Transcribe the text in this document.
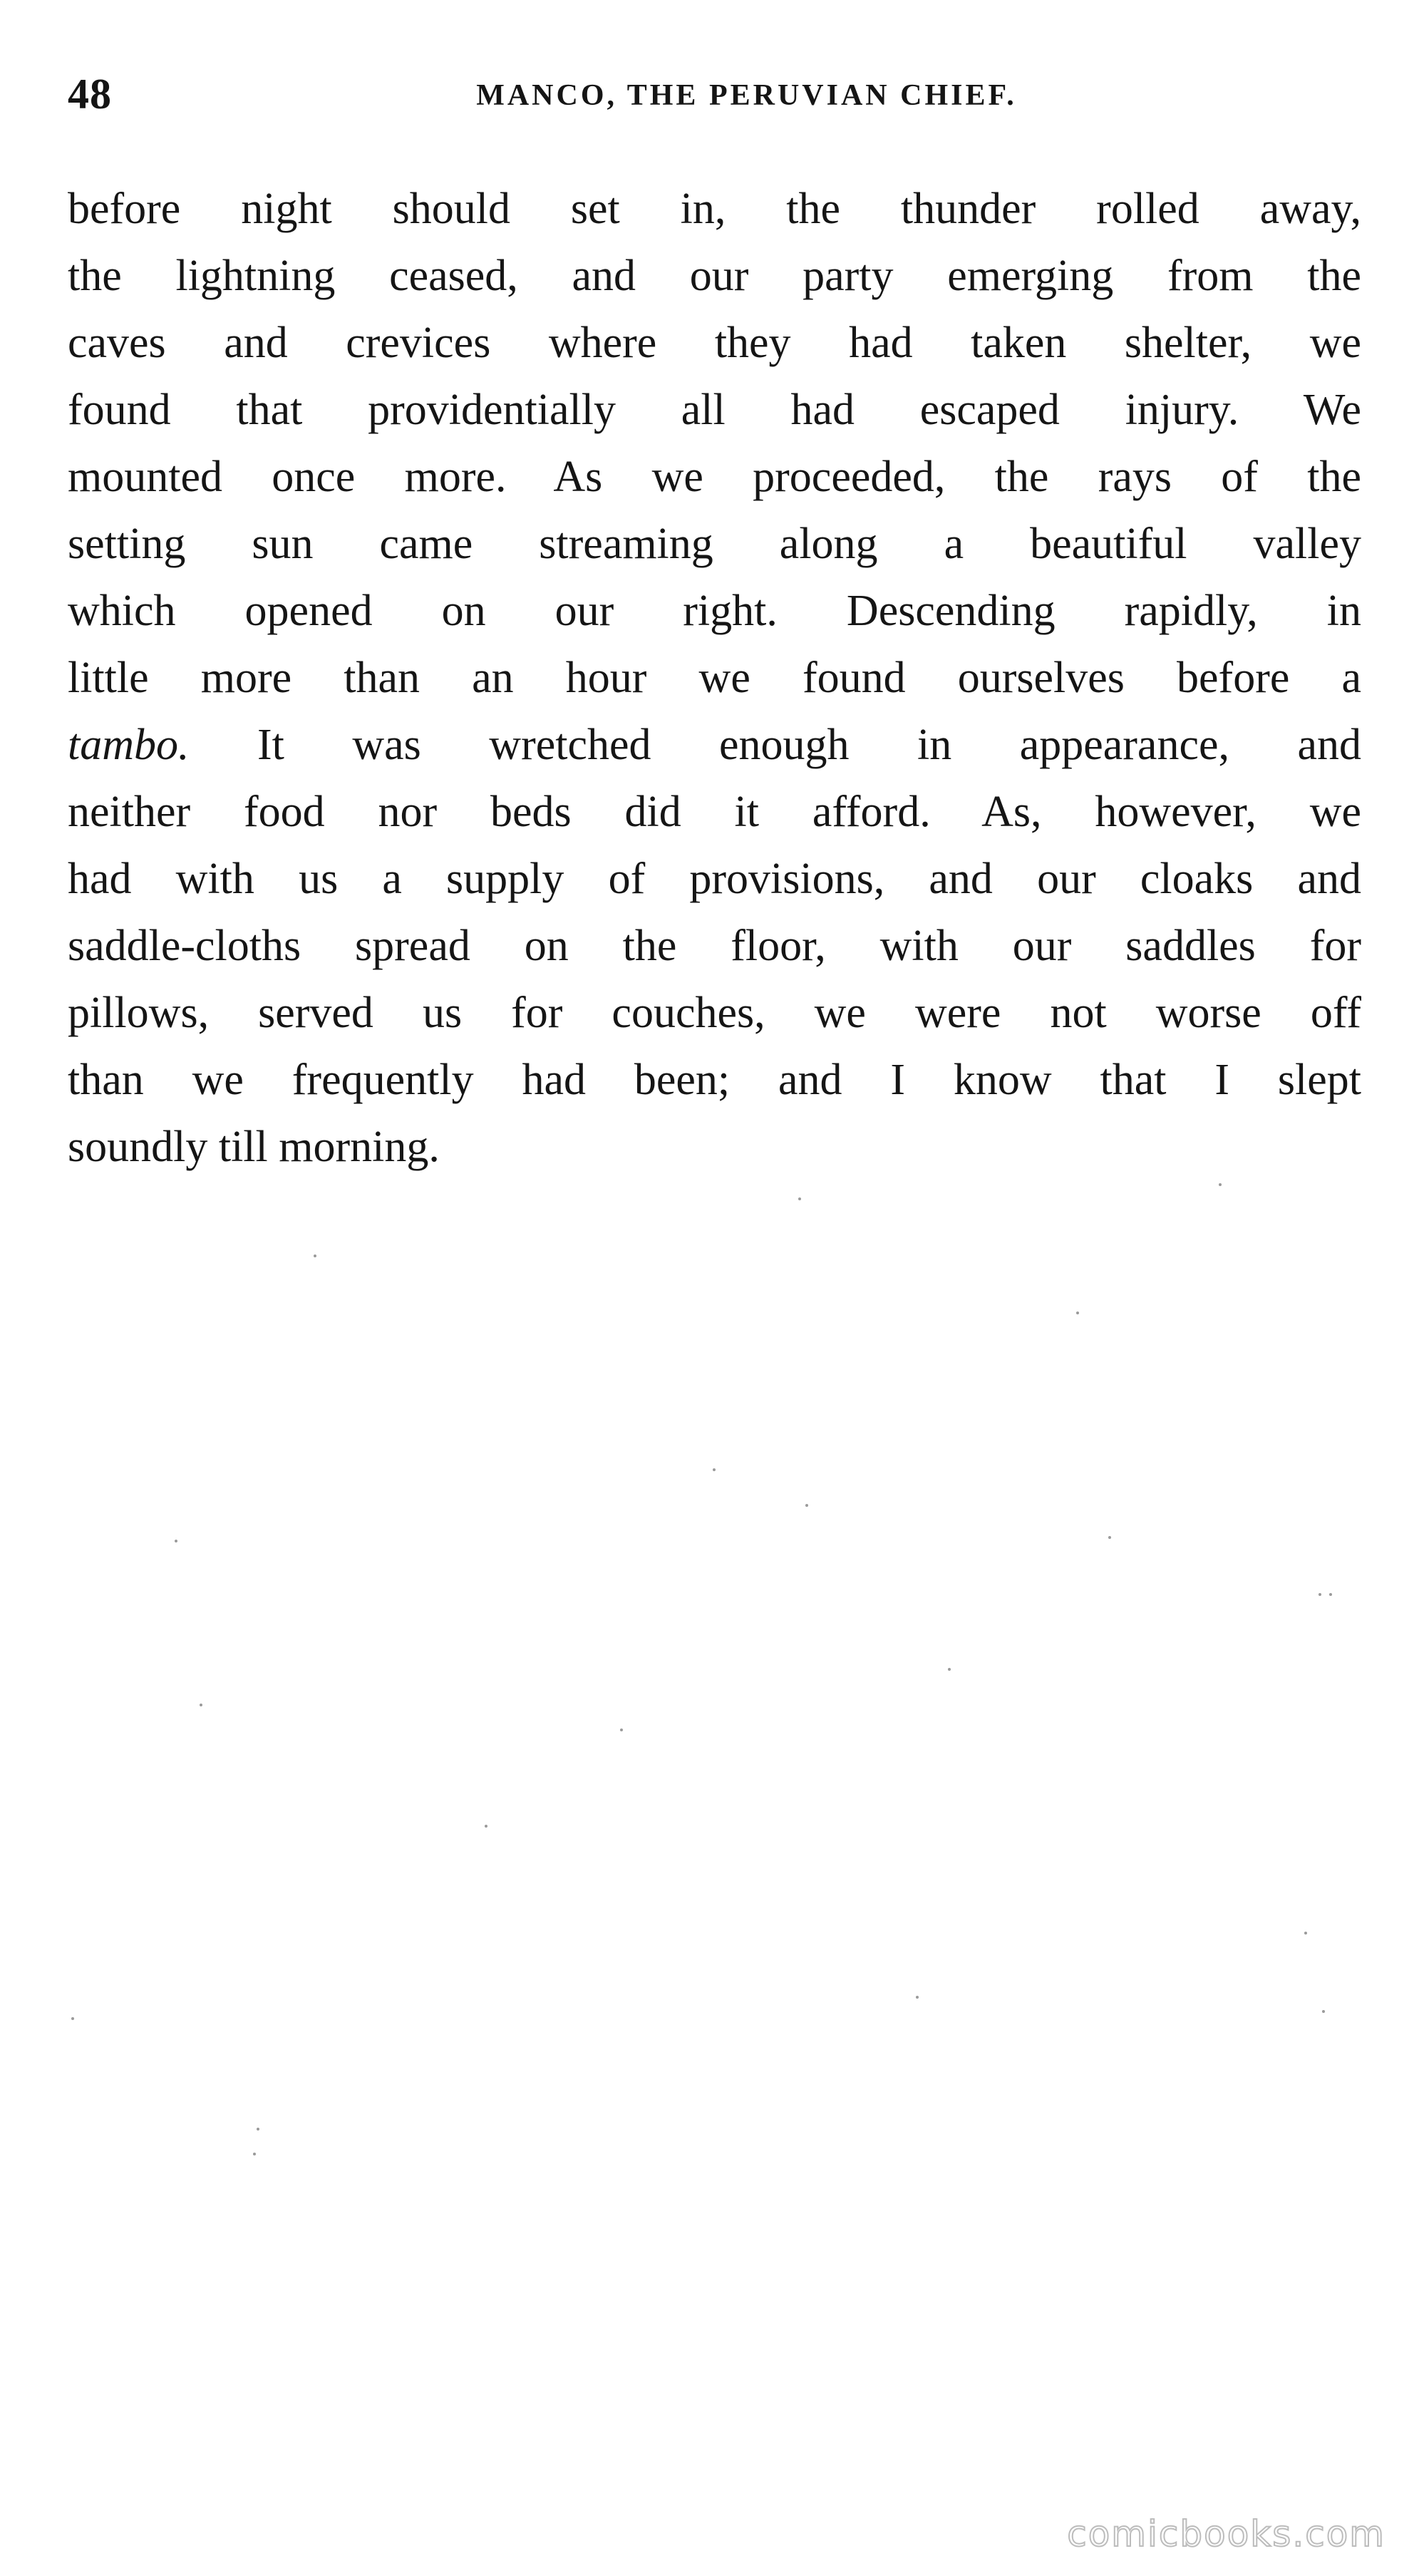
48	MANCO, THE PERUVIAN CHIEF.
before night should set in, the thunder rolled away,
the lightning ceased, and our party emerging from the
caves and crevices where they had taken shelter, we
found that providentially all had escaped injury. We
mounted once more. As we proceeded, the rays of the
setting sun came streaming along a beautiful valley
which opened on our right. Descending rapidly, in
little more than an hour we found ourselves before a
tambo. It was wretched enough in appearance, and
neither food nor beds did it afford. As, however, we
had with us a supply of provisions, and our cloaks and
saddle-cloths spread on the floor, with our saddles for
pillows, served us for couches, we were not worse off
than we frequently had been; and I know that I slept
soundly till morning.
comicbooks.com
